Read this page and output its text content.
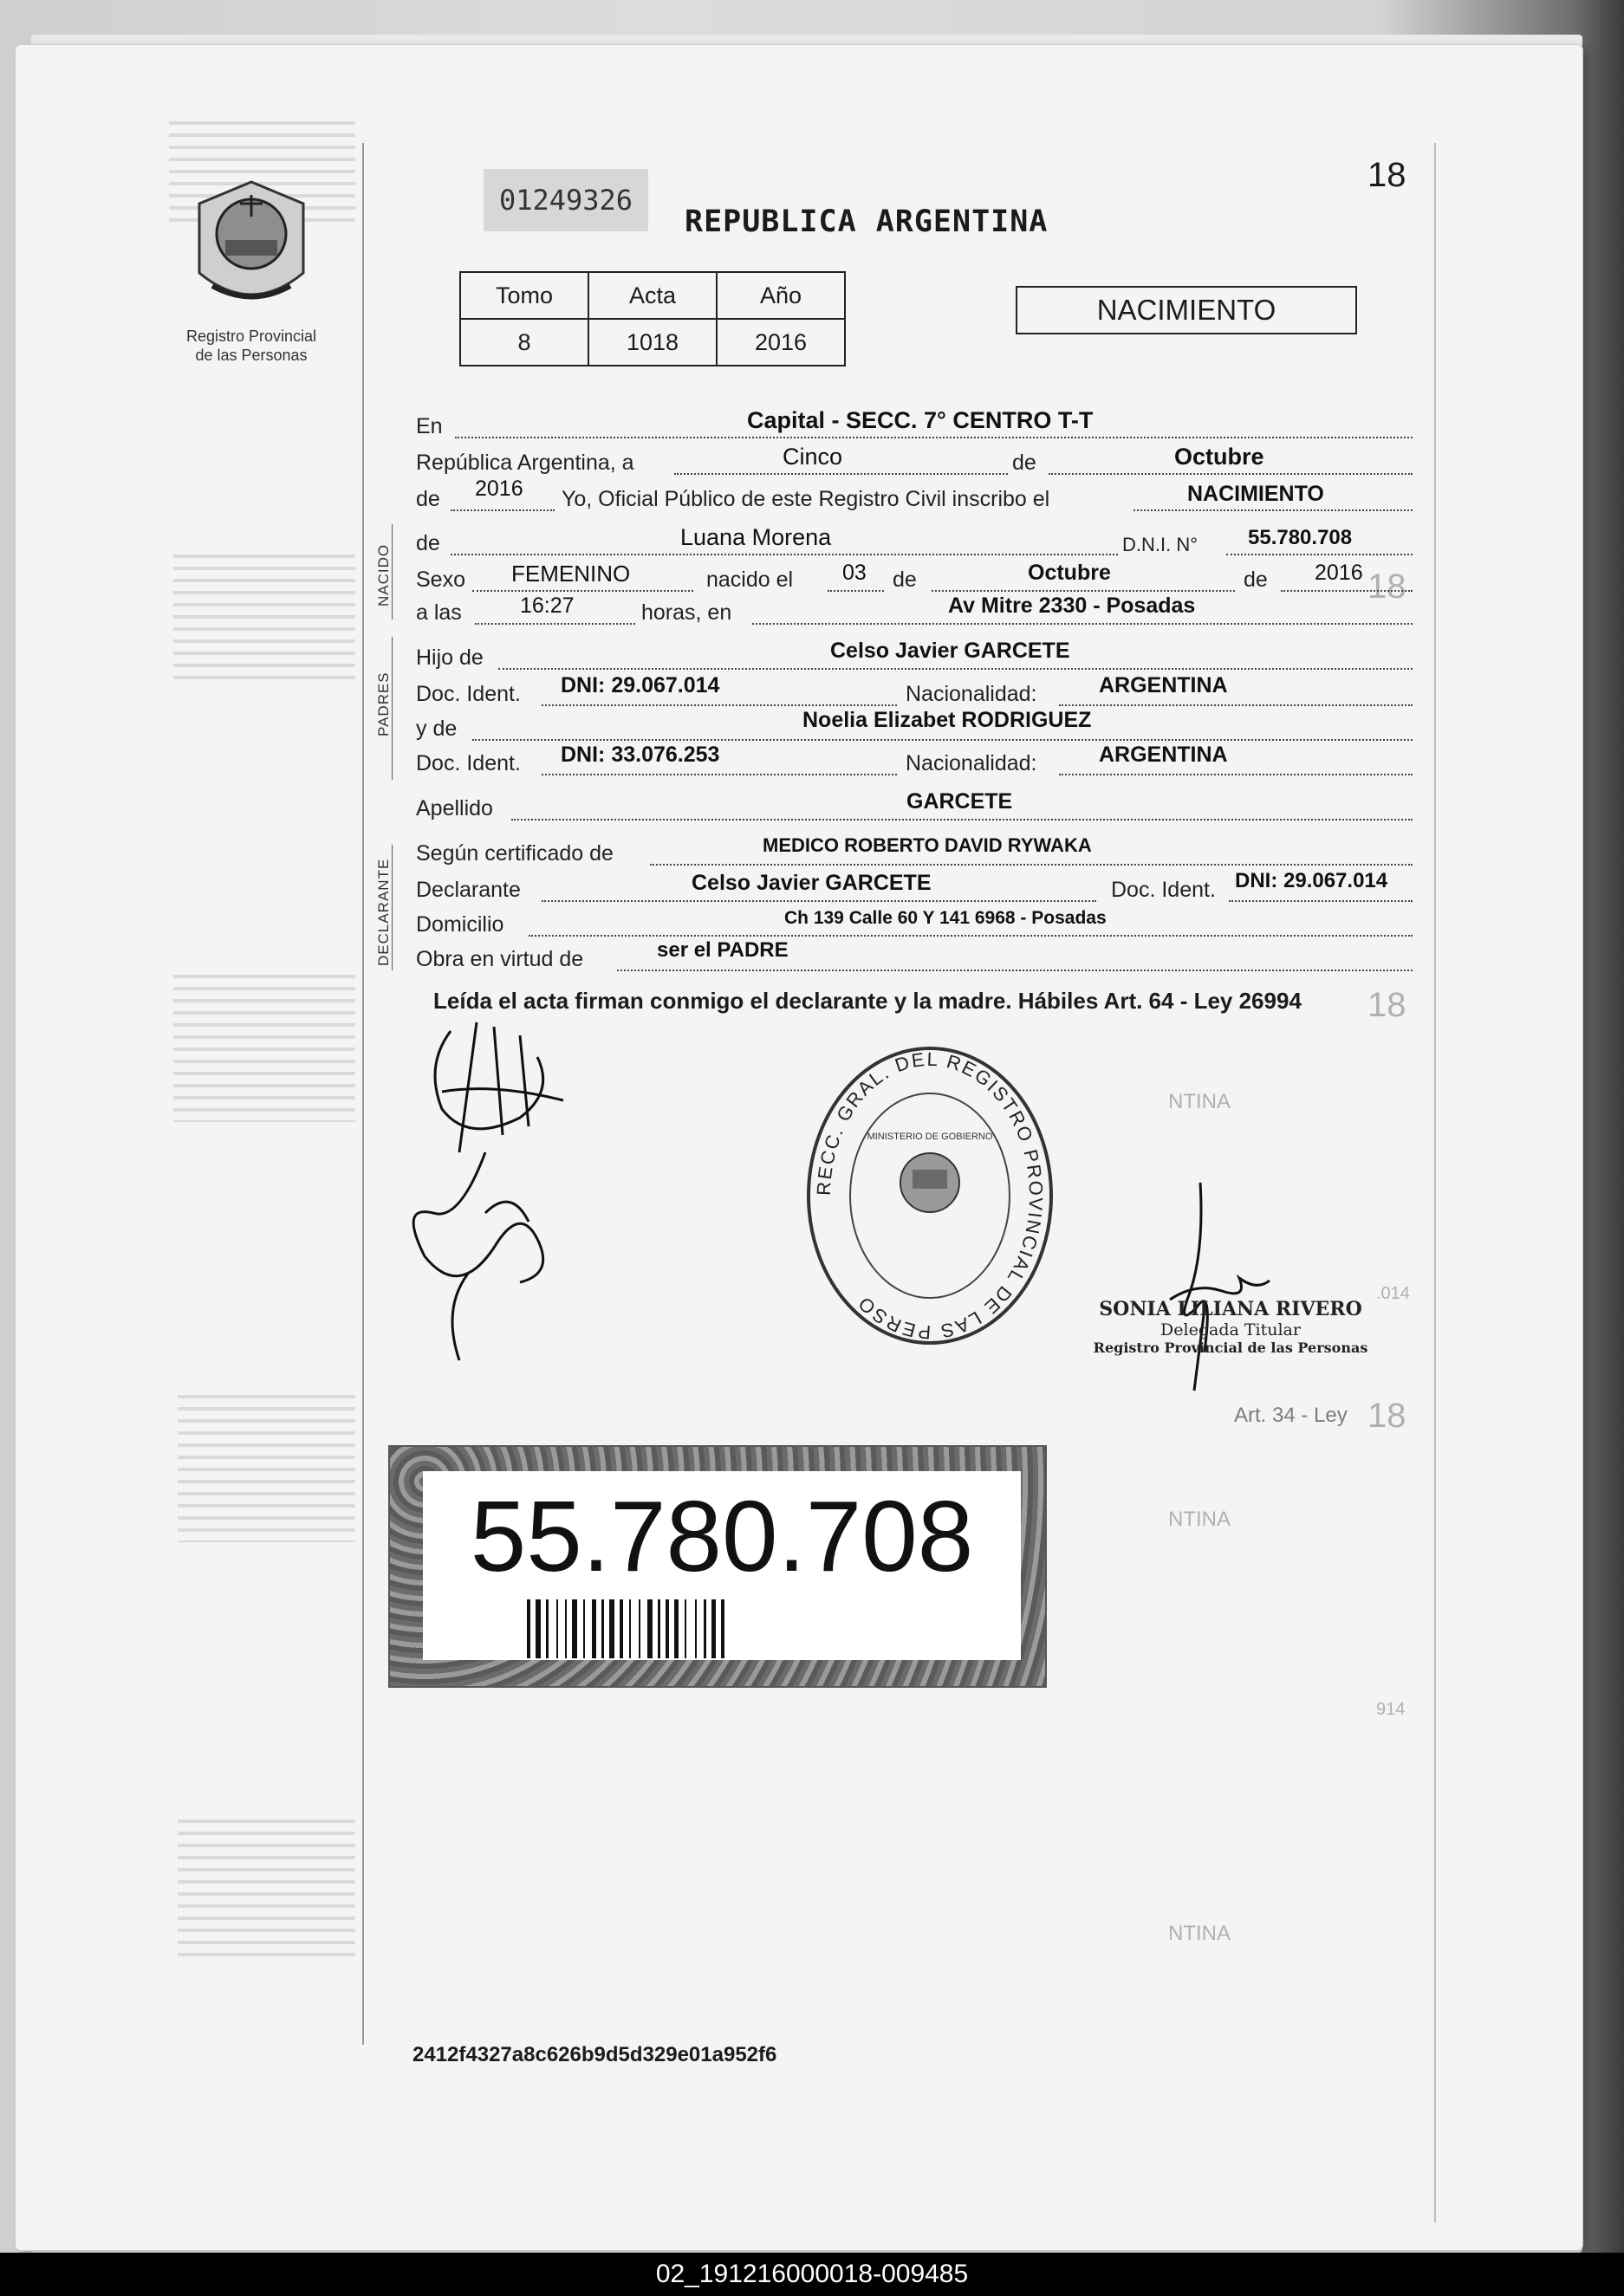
NTINA
NTINA
NTINA
Art. 34 - Ley
18
18
18
.014
914
Registro Provincial
de las Personas
01249326
REPUBLICA ARGENTINA
18
Tomo	Acta	Año
8	1018	2016
NACIMIENTO
NACIDO
PADRES
DECLARANTE
En	Capital - SECC. 7° CENTRO T-T
República Argentina, a	Cinco	de	Octubre
de 2016 Yo, Oficial Público de este Registro Civil inscribo el	NACIMIENTO
de	Luana Morena	D.N.I. N° 55.780.708
Sexo FEMENINO	nacido el 03 de	Octubre	de 2016
a las	16:27	horas, en	Av Mitre 2330 - Posadas
Hijo de	Celso Javier GARCETE
Doc. Ident. DNI: 29.067.014	Nacionalidad:	ARGENTINA
y de	Noelia Elizabet RODRIGUEZ
Doc. Ident. DNI: 33.076.253	Nacionalidad:	ARGENTINA
Apellido	GARCETE
Según certificado de	MEDICO ROBERTO DAVID RYWAKA
Declarante	Celso Javier GARCETE	Doc. Ident. DNI: 29.067.014
Domicilio	Ch 139 Calle 60 Y 141 6968 - Posadas
Obra en virtud de	ser el PADRE
Leída el acta firman conmigo el declarante y la madre. Hábiles Art. 64 - Ley 26994
RECC. GRAL. DEL REGISTRO PROVINCIAL DE LAS PERSO
MINISTERIO DE GOBIERNO
SONIA LILIANA RIVERO
Delegada Titular
Registro Provincial de las Personas
55.780.708
2412f4327a8c626b9d5d329e01a952f6
02_191216000018-009485
